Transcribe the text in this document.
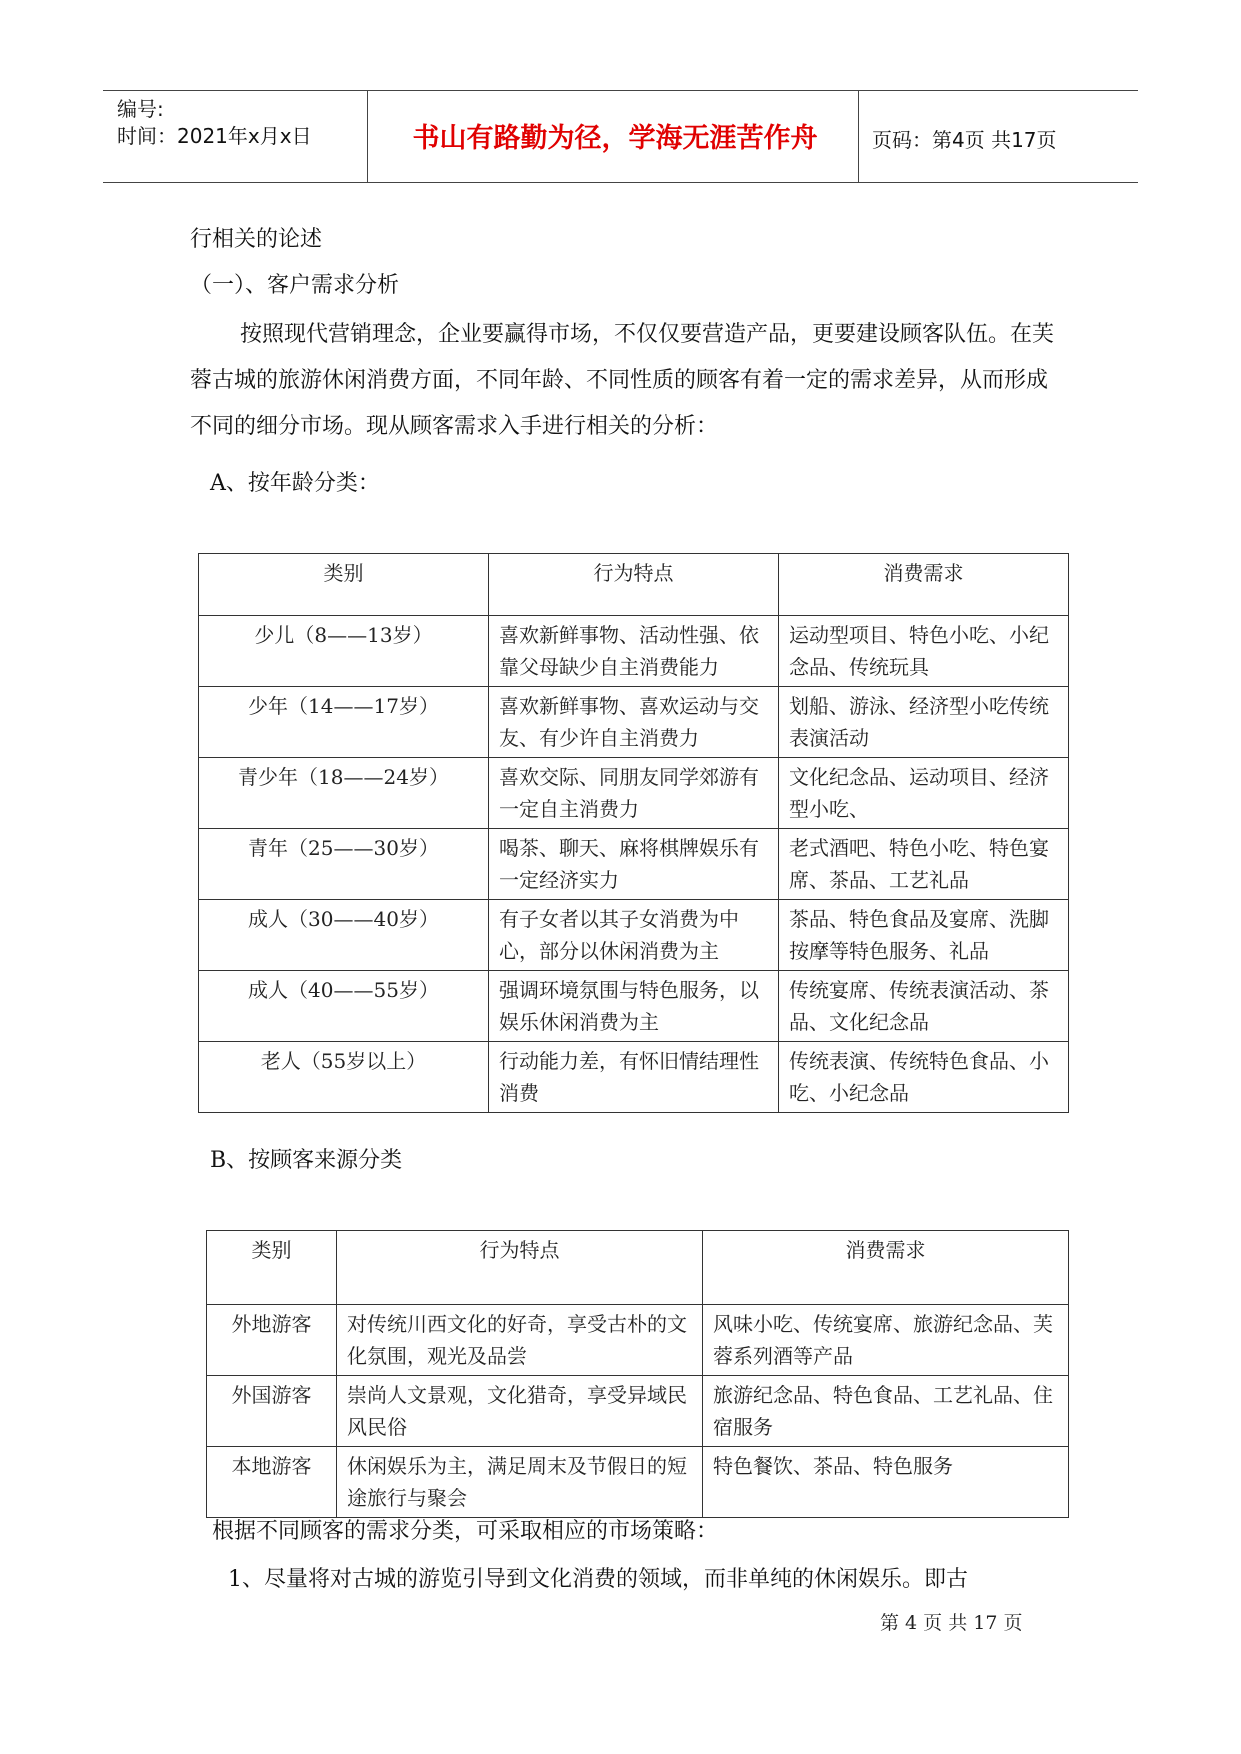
编号:
时间：2021年x月x日	书山有路勤为径，学海无涯苦作舟	页码：第4页 共17页
行相关的论述
（一）、客户需求分析
按照现代营销理念，企业要赢得市场，不仅仅要营造产品，更要建设顾客队伍。在芙蓉古城的旅游休闲消费方面，不同年龄、不同性质的顾客有着一定的需求差异，从而形成不同的细分市场。现从顾客需求入手进行相关的分析：
A、按年龄分类：
类别	行为特点	消费需求
少儿（8——13岁）	喜欢新鲜事物、活动性强、依靠父母缺少自主消费能力	运动型项目、特色小吃、小纪念品、传统玩具
少年（14——17岁）	喜欢新鲜事物、喜欢运动与交友、有少许自主消费力	划船、游泳、经济型小吃传统表演活动
青少年（18——24岁）	喜欢交际、同朋友同学郊游有一定自主消费力	文化纪念品、运动项目、经济型小吃、
青年（25——30岁）	喝茶、聊天、麻将棋牌娱乐有一定经济实力	老式酒吧、特色小吃、特色宴席、茶品、工艺礼品
成人（30——40岁）	有子女者以其子女消费为中心，部分以休闲消费为主	茶品、特色食品及宴席、洗脚按摩等特色服务、礼品
成人（40——55岁）	强调环境氛围与特色服务，以娱乐休闲消费为主	传统宴席、传统表演活动、茶品、文化纪念品
老人（55岁以上）	行动能力差，有怀旧情结理性消费	传统表演、传统特色食品、小吃、小纪念品
B、按顾客来源分类
类别	行为特点	消费需求
外地游客	对传统川西文化的好奇，享受古朴的文化氛围，观光及品尝	风味小吃、传统宴席、旅游纪念品、芙蓉系列酒等产品
外国游客	崇尚人文景观，文化猎奇，享受异域民风民俗	旅游纪念品、特色食品、工艺礼品、住宿服务
本地游客	休闲娱乐为主，满足周末及节假日的短途旅行与聚会	特色餐饮、茶品、特色服务
根据不同顾客的需求分类，可采取相应的市场策略：
1、尽量将对古城的游览引导到文化消费的领域，而非单纯的休闲娱乐。即古
第 4 页 共 17 页
